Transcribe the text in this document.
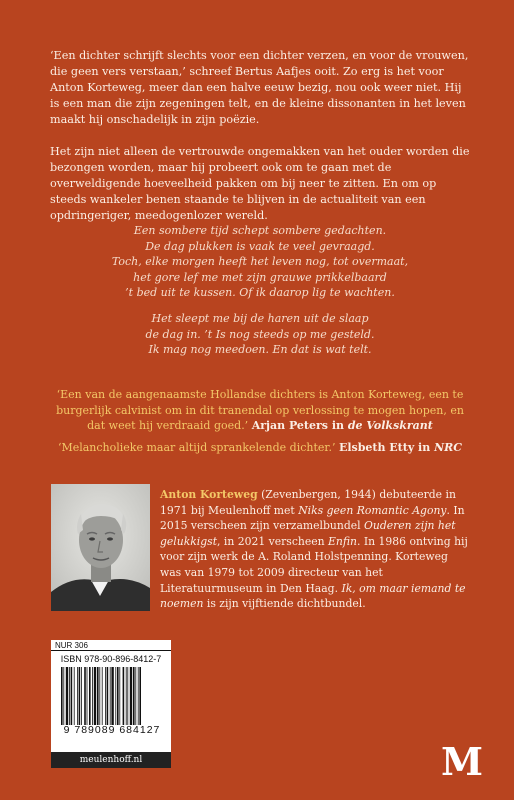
‘Een dichter schrijft slechts voor een dichter verzen, en voor de vrouwen, die geen vers verstaan,’ schreef Bertus Aafjes ooit. Zo erg is het voor Anton Korteweg, meer dan een halve eeuw bezig, nou ook weer niet. Hij is een man die zijn zegeningen telt, en de kleine dissonanten in het leven maakt hij onschadelijk in zijn poëzie.

Het zijn niet alleen de vertrouwde ongemakken van het ouder worden die bezongen worden, maar hij probeert ook om te gaan met de overweldigende hoeveelheid pakken om bij neer te zitten. En om op steeds wankeler benen staande te blijven in de actualiteit van een opdringeriger, meedogenlozer wereld.

Een sombere tijd schept sombere gedachten.
De dag plukken is vaak te veel gevraagd.
Toch, elke morgen heeft het leven nog, tot overmaat,
het gore lef me met zijn grauwe prikkelbaard
’t bed uit te kussen. Of ik daarop lig te wachten.
Het sleept me bij de haren uit de slaap
de dag in. ’t Is nog steeds op me gesteld.
Ik mag nog meedoen. En dat is wat telt.
‘Een van de aangenaamste Hollandse dichters is Anton Korteweg, een te burgerlijk calvinist om in dit tranendal op verlossing te mogen hopen, en dat weet hij verdraaid goed.’ Arjan Peters in de Volkskrant
‘Melancholieke maar altijd sprankelende dichter.’ Elsbeth Etty in NRC
Anton Korteweg (Zevenbergen, 1944) debuteerde in 1971 bij Meulenhoff met Niks geen Romantic Agony. In 2015 verscheen zijn verzamelbundel Ouderen zijn het gelukkigst, in 2021 verscheen Enfin. In 1986 ontving hij voor zijn werk de A. Roland Holstpenning. Korteweg was van 1979 tot 2009 directeur van het Literatuurmuseum in Den Haag. Ik, om maar iemand te noemen is zijn vijftiende dichtbundel.
NUR 306
ISBN 978-90-896-8412-7
9 789089 684127
meulenhoff.nl	M
